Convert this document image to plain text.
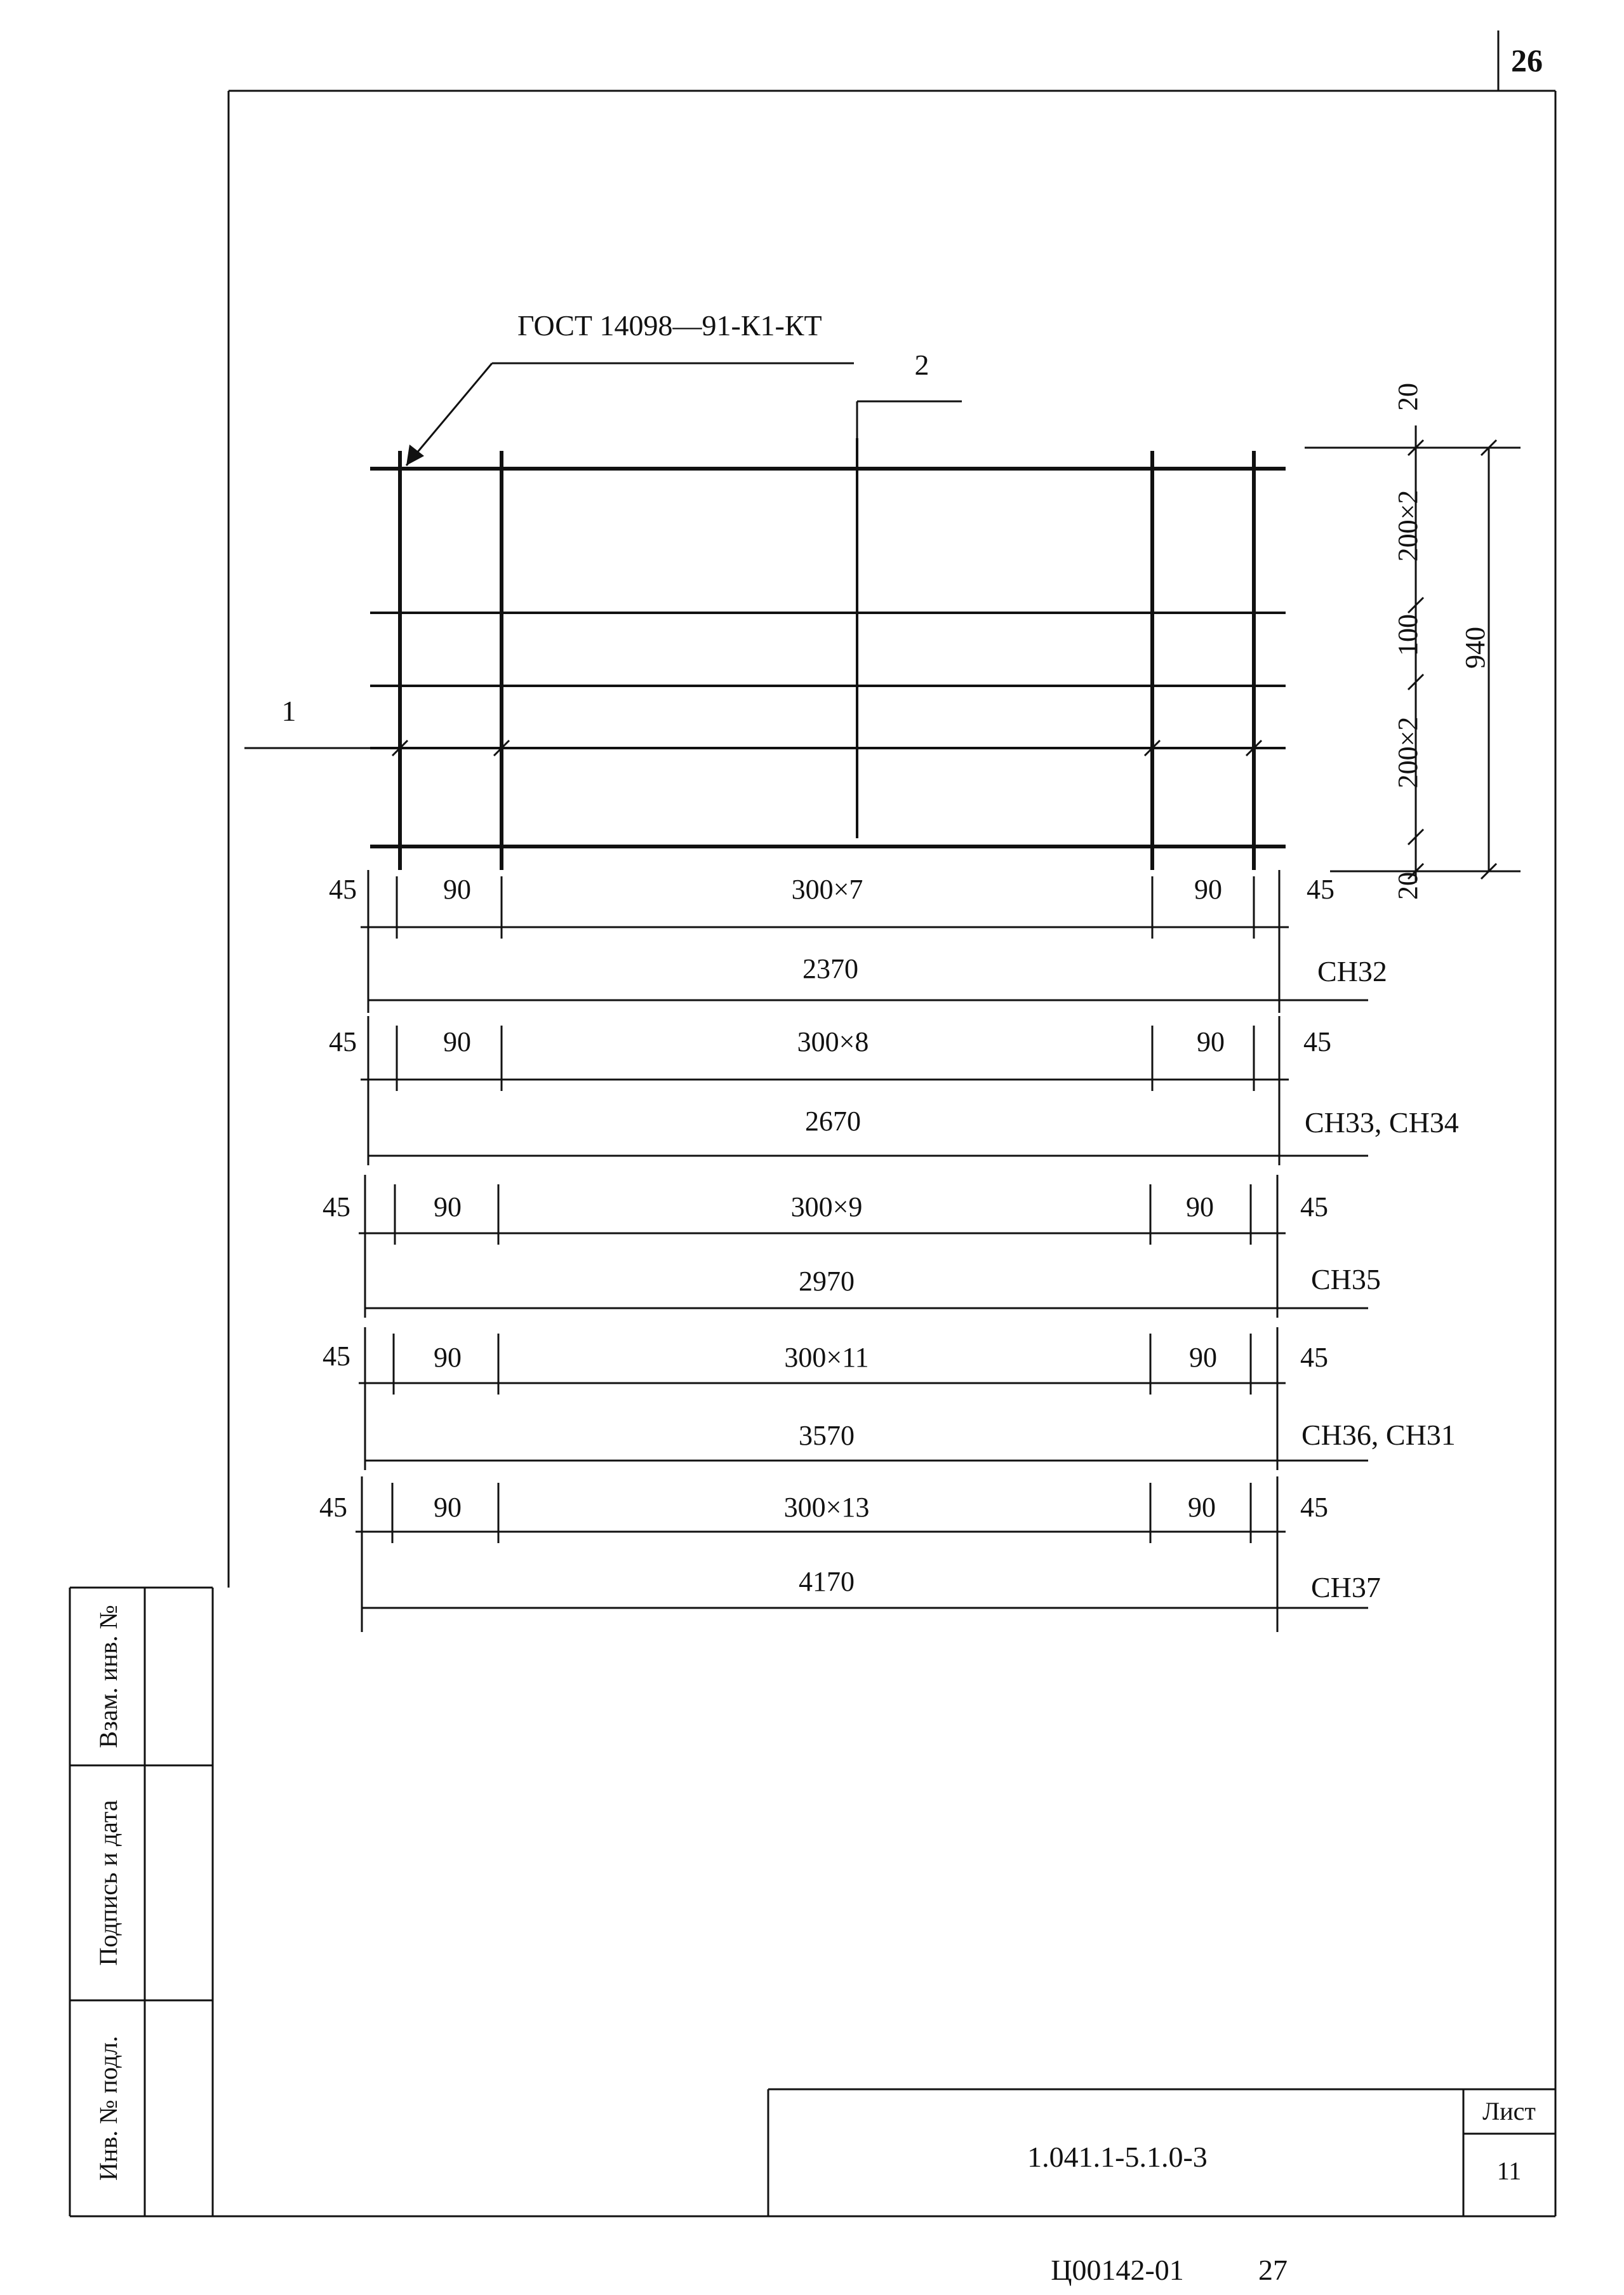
26
Взам. инв. №
Подпись и дата
Инв. № подл.
1
2
ГОСТ 14098—91-К1-КТ
20
200×2
100
200×2
20
940
45	90	300×7	90	45
2370	СН32
45	90	300×8	90	45
2670	СН33, СН34
45	90	300×9	90	45
2970	СН35
45	90	300×11	90	45
3570	СН36, СН31
45	90	300×13	90	45
4170	СН37
1.041.1-5.1.0-3
Лист
11
Ц00142-01	27
